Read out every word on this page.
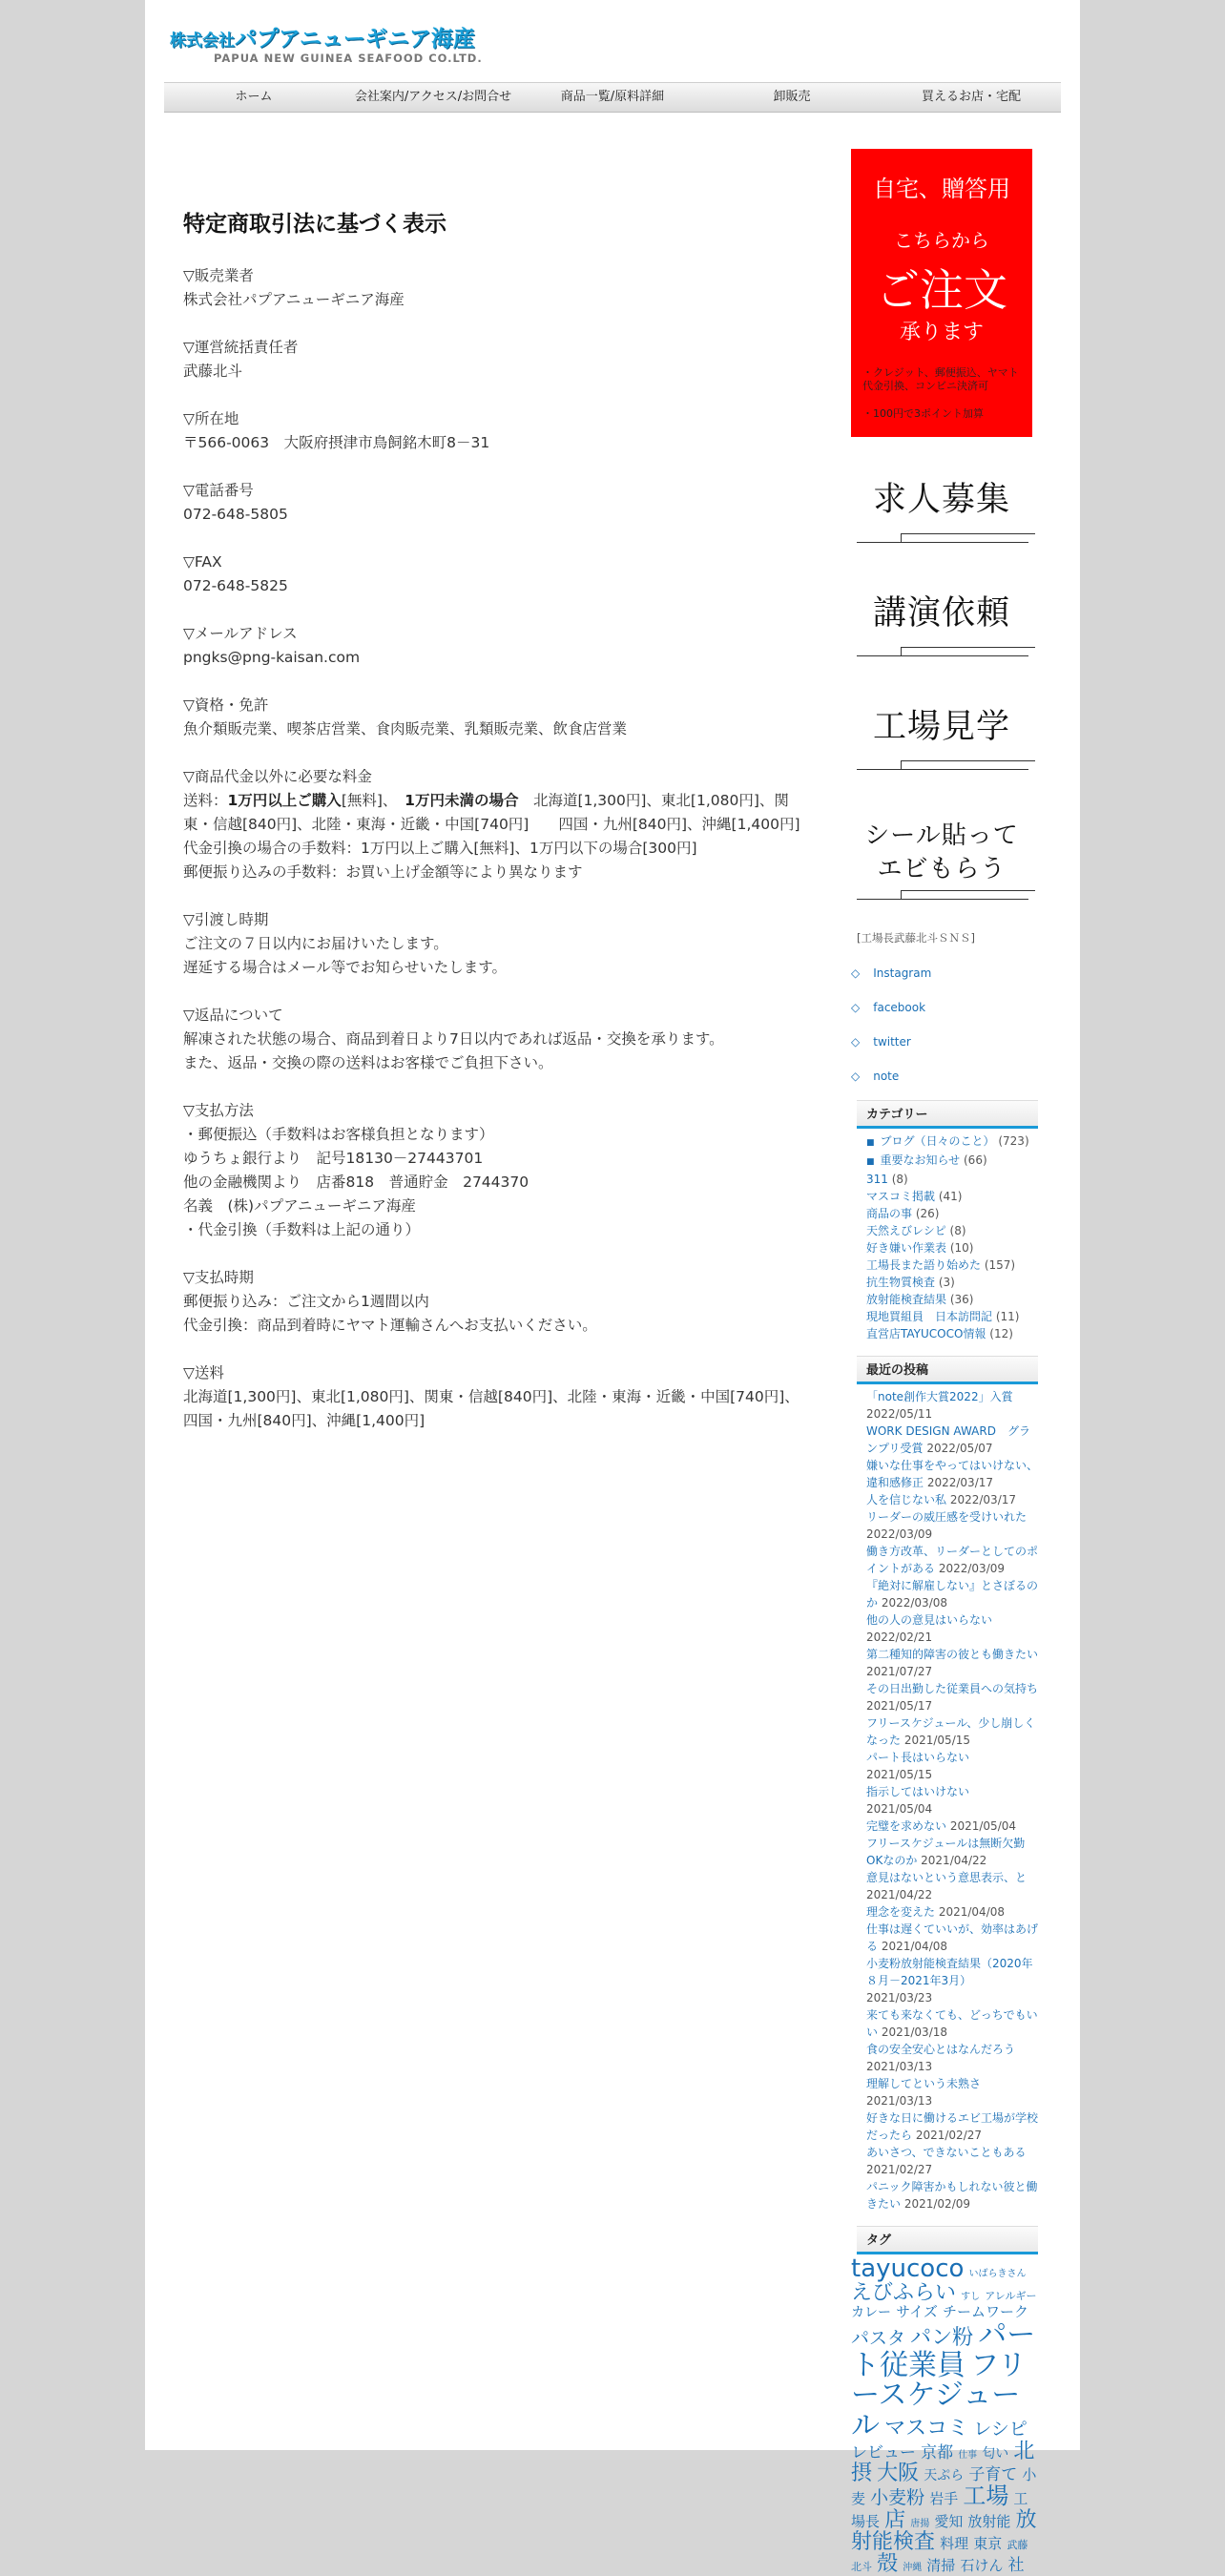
株式会社パプアニューギニア海産
PAPUA NEW GUINEA SEAFOOD CO.LTD.
ホーム	会社案内/アクセス/お問合せ	商品一覧/原料詳細	卸販売	買えるお店・宅配
特定商取引法に基づく表示
▽販売業者
株式会社パプアニューギニア海産
▽運営統括責任者
武藤北斗
▽所在地
〒566-0063　大阪府摂津市鳥飼銘木町8－31
▽電話番号
072-648-5805
▽FAX
072-648-5825
▽メールアドレス
pngks@png-kaisan.com
▽資格・免許
魚介類販売業、喫茶店営業、食肉販売業、乳類販売業、飲食店営業
▽商品代金以外に必要な料金
送料：1万円以上ご購入[無料]、　1万円未満の場合　北海道[1,300円]、東北[1,080円]、関東・信越[840円]、北陸・東海・近畿・中国[740円]　　四国・九州[840円]、沖縄[1,400円]
代金引換の場合の手数料：1万円以上ご購入[無料]、1万円以下の場合[300円]
郵便振り込みの手数料：お買い上げ金額等により異なります
▽引渡し時期
ご注文の７日以内にお届けいたします。
遅延する場合はメール等でお知らせいたします。
▽返品について
解凍された状態の場合、商品到着日より7日以内であれば返品・交換を承ります。
また、返品・交換の際の送料はお客様でご負担下さい。
▽支払方法
・郵便振込（手数料はお客様負担となります）
ゆうちょ銀行より　記号18130－27443701
他の金融機関より　店番818　普通貯金　2744370
名義　(株)パプアニューギニア海産
・代金引換（手数料は上記の通り）
▽支払時期
郵便振り込み：ご注文から1週間以内
代金引換：商品到着時にヤマト運輸さんへお支払いください。
▽送料
北海道[1,300円]、東北[1,080円]、関東・信越[840円]、北陸・東海・近畿・中国[740円]、四国・九州[840円]、沖縄[1,400円]
自宅、贈答用
こちらから
ご注文
承ります
・クレジット、郵便振込、ヤマト代金引換、コンビニ決済可
・100円で3ポイント加算
求人募集
講演依頼
工場見学
シール貼って
エビもらう
[工場長武藤北斗ＳＮＳ]
◇ Instagram
◇ facebook
◇ twitter
◇ note
カテゴリー
■ ブログ（日々のこと） (723)
■ 重要なお知らせ (66)
311 (8)
マスコミ掲載 (41)
商品の事 (26)
天然えびレシピ (8)
好き嫌い作業表 (10)
工場長また語り始めた (157)
抗生物質検査 (3)
放射能検査結果 (36)
現地買組員　日本訪問記 (11)
直営店TAYUCOCO情報 (12)
最近の投稿
「note創作大賞2022」入賞 2022/05/11
WORK DESIGN AWARD　グランプリ受賞 2022/05/07
嫌いな仕事をやってはいけない、違和感修正 2022/03/17
人を信じない私 2022/03/17
リーダーの威圧感を受けいれた 2022/03/09
働き方改革、リーダーとしてのポイントがある 2022/03/09
『絶対に解雇しない』とさぼるのか 2022/03/08
他の人の意見はいらない 2022/02/21
第二種知的障害の彼とも働きたい 2021/07/27
その日出勤した従業員への気持ち 2021/05/17
フリースケジュール、少し崩しくなった 2021/05/15
パート長はいらない 2021/05/15
指示してはいけない 2021/05/04
完璧を求めない 2021/05/04
フリースケジュールは無断欠勤OKなのか 2021/04/22
意見はないという意思表示、と 2021/04/22
理念を変えた 2021/04/08
仕事は遅くていいが、効率はあげる 2021/04/08
小麦粉放射能検査結果（2020年８月－2021年3月） 2021/03/23
来ても来なくても、どっちでもいい 2021/03/18
食の安全安心とはなんだろう 2021/03/13
理解してという未熟さ 2021/03/13
好きな日に働けるエビ工場が学校だったら 2021/02/27
あいさつ、できないこともある 2021/02/27
パニック障害かもしれない彼と働きたい 2021/02/09
タグ
tayucoco いばらきさん えびふらい すし アレルギー カレー サイズ チームワーク パスタ パン粉 パート従業員 フリースケジュール マスコミ レシピ レビュー 京都 仕事 匂い 北摂 大阪 天ぷら 子育て 小麦 小麦粉 岩手 工場 工場長 店 唐揚 愛知 放射能 放射能検査 料理 東京 武藤北斗 殻 沖縄 清掃 石けん 社
